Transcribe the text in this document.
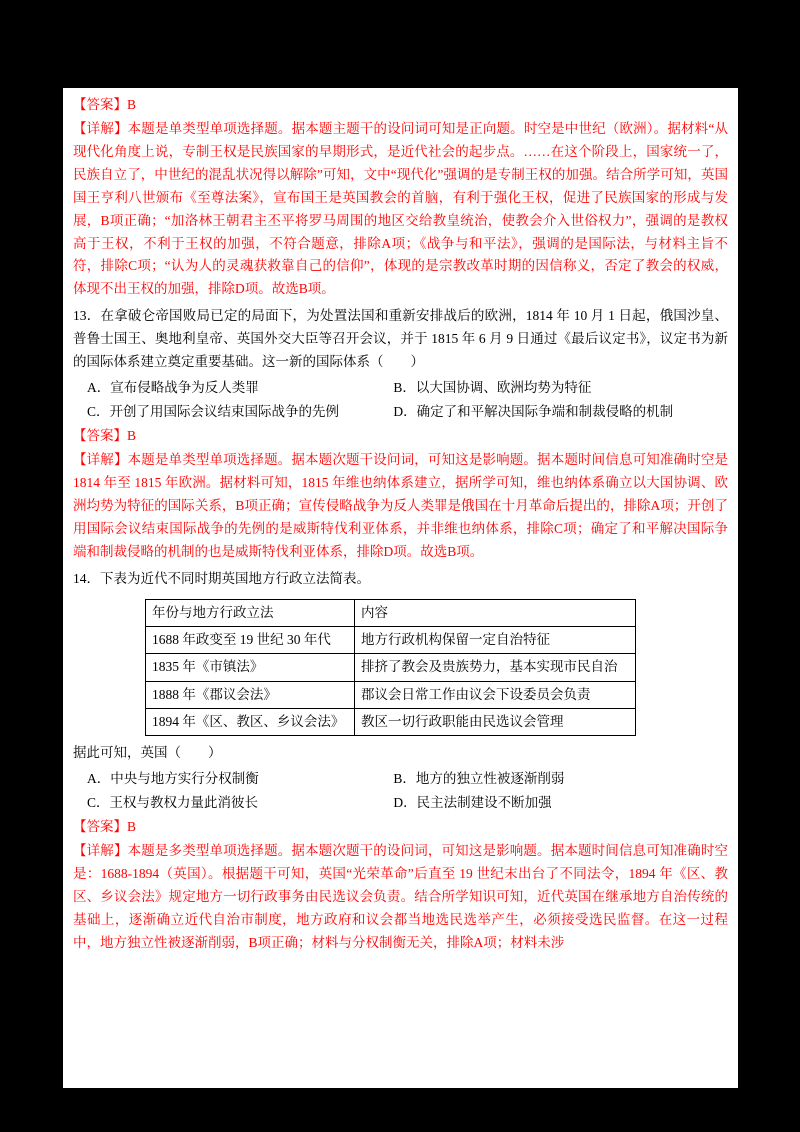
【答案】B

【详解】本题是单类型单项选择题。据本题主题干的设问词可知是正向题。时空是中世纪（欧洲）。据材料“从现代化角度上说，专制王权是民族国家的早期形式，是近代社会的起步点。……在这个阶段上，国家统一了，民族自立了，中世纪的混乱状况得以解除”可知，文中“现代化”强调的是专制王权的加强。结合所学可知，英国国王亨利八世颁布《至尊法案》，宣布国王是英国教会的首脑，有利于强化王权，促进了民族国家的形成与发展，B项正确；“加洛林王朝君主丕平将罗马周围的地区交给教皇统治，使教会介入世俗权力”，强调的是教权高于王权，不利于王权的加强，不符合题意，排除A项；《战争与和平法》，强调的是国际法，与材料主旨不符，排除C项；“认为人的灵魂获救靠自己的信仰”，体现的是宗教改革时期的因信称义，否定了教会的权威，体现不出王权的加强，排除D项。故选B项。

13．在拿破仑帝国败局已定的局面下，为处置法国和重新安排战后的欧洲，1814 年 10 月 1 日起，俄国沙皇、普鲁士国王、奥地利皇帝、英国外交大臣等召开会议，并于 1815 年 6 月 9 日通过《最后议定书》，议定书为新的国际体系建立奠定重要基础。这一新的国际体系（　　）

A．宣布侵略战争为反人类罪	B．以大国协调、欧洲均势为特征
C．开创了用国际会议结束国际战争的先例	D．确定了和平解决国际争端和制裁侵略的机制

【答案】B

【详解】本题是单类型单项选择题。据本题次题干设问词，可知这是影响题。据本题时间信息可知准确时空是 1814 年至 1815 年欧洲。据材料可知，1815 年维也纳体系建立，据所学可知，维也纳体系确立以大国协调、欧洲均势为特征的国际关系，B项正确；宣传侵略战争为反人类罪是俄国在十月革命后提出的，排除A项；开创了用国际会议结束国际战争的先例的是威斯特伐利亚体系，并非维也纳体系，排除C项；确定了和平解决国际争端和制裁侵略的机制的也是威斯特伐利亚体系，排除D项。故选B项。

14．下表为近代不同时期英国地方行政立法简表。

年份与地方行政立法	内容
1688 年政变至 19 世纪 30 年代	地方行政机构保留一定自治特征
1835 年《市镇法》	排挤了教会及贵族势力，基本实现市民自治
1888 年《郡议会法》	郡议会日常工作由议会下设委员会负责
1894 年《区、教区、乡议会法》	教区一切行政职能由民选议会管理

据此可知，英国（　　）

A．中央与地方实行分权制衡	B．地方的独立性被逐渐削弱
C．王权与教权力量此消彼长	D．民主法制建设不断加强

【答案】B

【详解】本题是多类型单项选择题。据本题次题干的设问词，可知这是影响题。据本题时间信息可知准确时空是：1688-1894（英国）。根据题干可知，英国“光荣革命”后直至 19 世纪末出台了不同法令，1894 年《区、教区、乡议会法》规定地方一切行政事务由民选议会负责。结合所学知识可知，近代英国在继承地方自治传统的基础上，逐渐确立近代自治市制度，地方政府和议会都当地选民选举产生，必须接受选民监督。在这一过程中，地方独立性被逐渐削弱，B项正确；材料与分权制衡无关，排除A项；材料未涉
